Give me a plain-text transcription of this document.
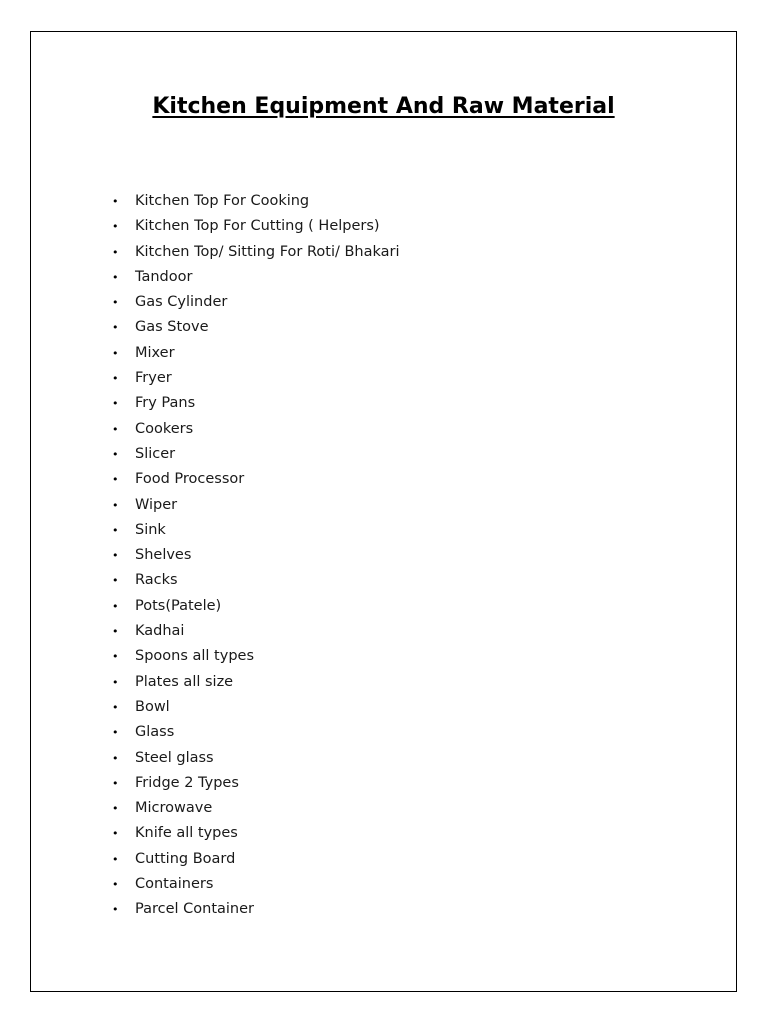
Kitchen Equipment And Raw Material
• Kitchen Top For Cooking
• Kitchen Top For Cutting ( Helpers)
• Kitchen Top/ Sitting For Roti/ Bhakari
• Tandoor
• Gas Cylinder
• Gas Stove
• Mixer
• Fryer
• Fry Pans
• Cookers
• Slicer
• Food Processor
• Wiper
• Sink
• Shelves
• Racks
• Pots(Patele)
• Kadhai
• Spoons all types
• Plates all size
• Bowl
• Glass
• Steel glass
• Fridge 2 Types
• Microwave
• Knife all types
• Cutting Board
• Containers
• Parcel Container
